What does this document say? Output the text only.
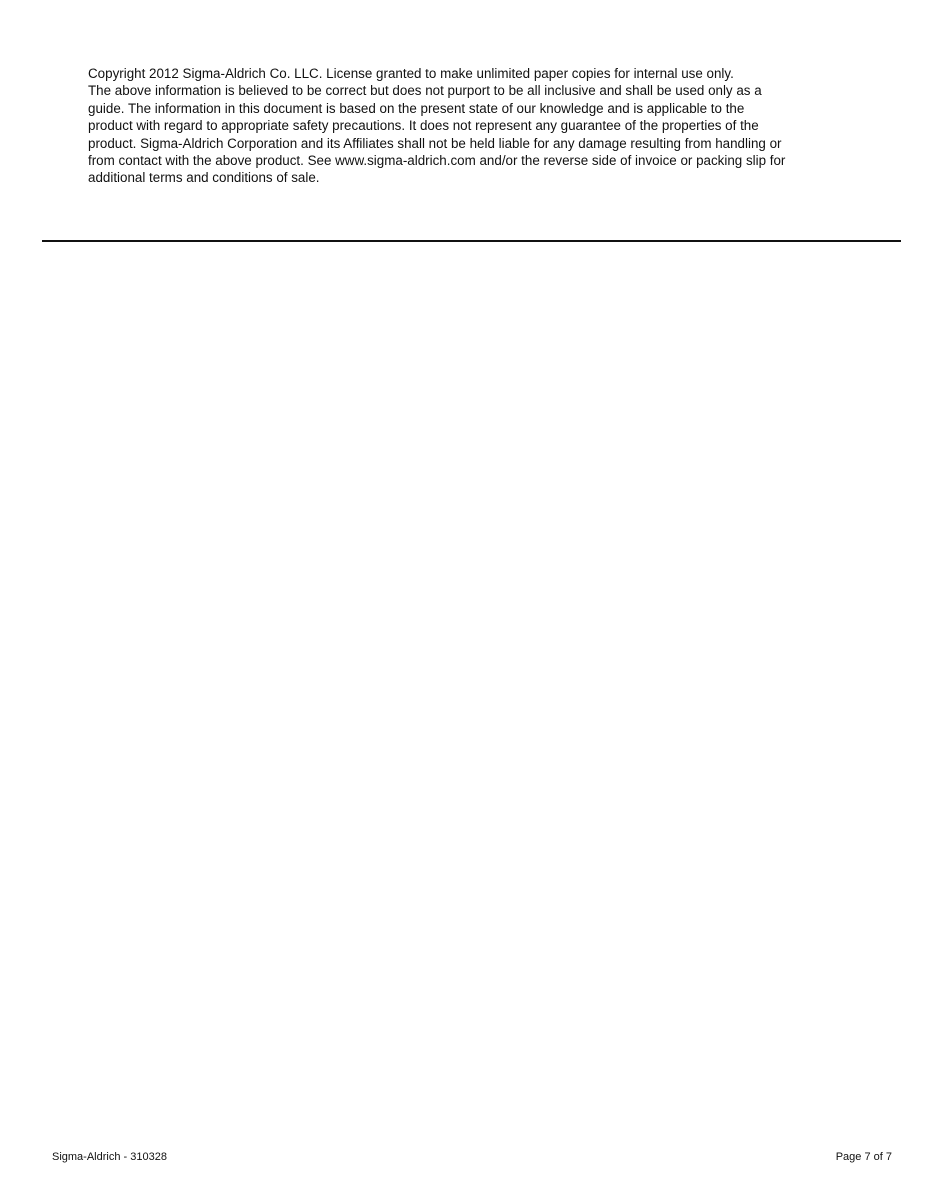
Copyright 2012 Sigma-Aldrich Co. LLC. License granted to make unlimited paper copies for internal use only.
The above information is believed to be correct but does not purport to be all inclusive and shall be used only as a
guide. The information in this document is based on the present state of our knowledge and is applicable to the
product with regard to appropriate safety precautions. It does not represent any guarantee of the properties of the
product. Sigma-Aldrich Corporation and its Affiliates shall not be held liable for any damage resulting from handling or
from contact with the above product. See www.sigma-aldrich.com and/or the reverse side of invoice or packing slip for
additional terms and conditions of sale.
Sigma-Aldrich - 310328	Page 7 of 7
